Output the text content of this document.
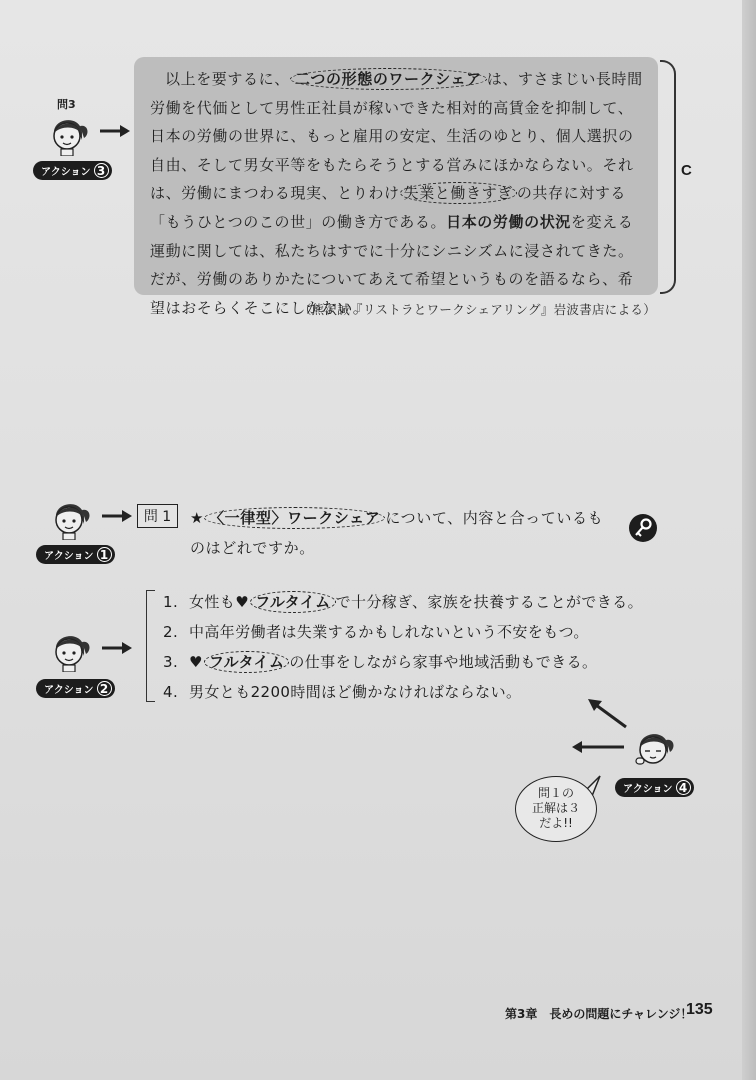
以上を要するに、 二つの形態のワークシェア は、すさまじい長時間労働を代価として男性正社員が稼いできた相対的高賃金を抑制して、日本の労働の世界に、もっと雇用の安定、生活のゆとり、個人選択の自由、そして男女平等をもたらそうとする営みにほかならない。それは、労働にまつわる現実、とりわけ 失業と働きすぎ の共存に対する「もうひとつのこの世」の働き方である。日本の労働の状況を変える運動に関しては、私たちはすでに十分にシニシズムに浸されてきた。だが、労働のありかたについてあえて希望というものを語るなら、希望はおそらくそこにしかない。

C
（熊沢誠『リストラとワークシェアリング』岩波書店による）
問3
アクション 3
アクション 1
問 1	★ 〈一律型〉ワークシェア について、内容と合っているものはどれですか。
アクション 2
1. 女性も♥ フルタイム で十分稼ぎ、家族を扶養することができる。
2. 中高年労働者は失業するかもしれないという不安をもつ。
3. ♥ フルタイム の仕事をしながら家事や地域活動もできる。
4. 男女とも2200時間ほど働かなければならない。
アクション 4
問１の
正解は３
だよ!!
第3章　長めの問題にチャレンジ！
135
